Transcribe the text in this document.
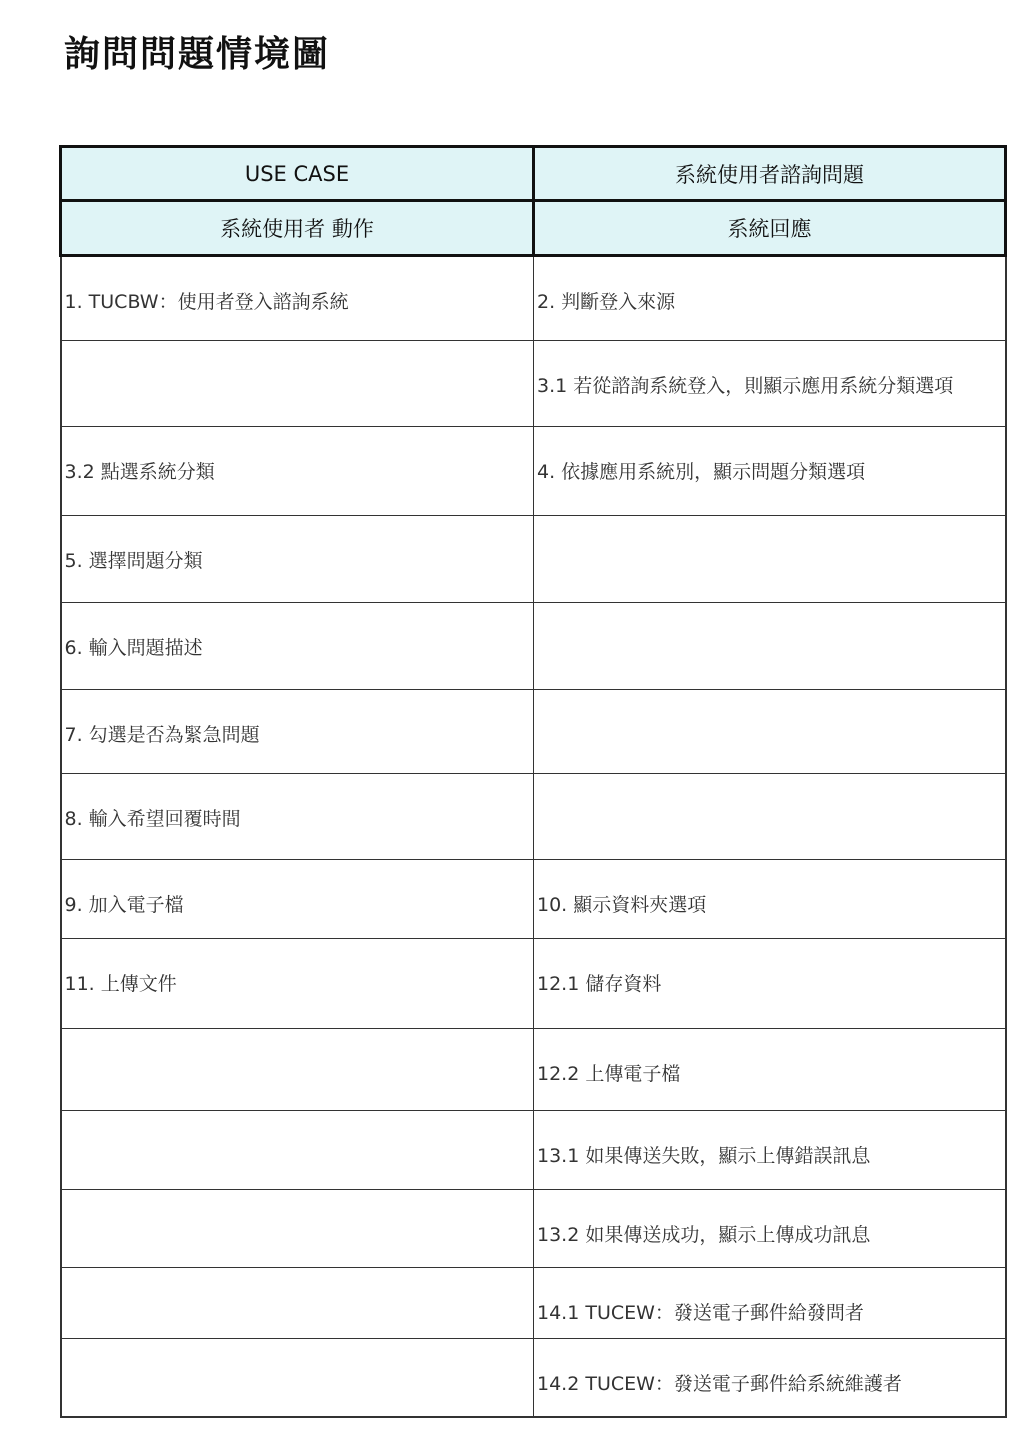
詢問問題情境圖
USE CASE	系統使用者諮詢問題
系統使用者 動作	系統回應
1. TUCBW：使用者登入諮詢系統	2. 判斷登入來源
	3.1 若從諮詢系統登入，則顯示應用系統分類選項
3.2 點選系統分類	4. 依據應用系統別，顯示問題分類選項
5. 選擇問題分類	
6. 輸入問題描述	
7. 勾選是否為緊急問題	
8. 輸入希望回覆時間	
9. 加入電子檔	10. 顯示資料夾選項
11. 上傳文件	12.1 儲存資料
	12.2 上傳電子檔
	13.1 如果傳送失敗，顯示上傳錯誤訊息
	13.2 如果傳送成功，顯示上傳成功訊息
	14.1 TUCEW：發送電子郵件給發問者
	14.2 TUCEW：發送電子郵件給系統維護者
